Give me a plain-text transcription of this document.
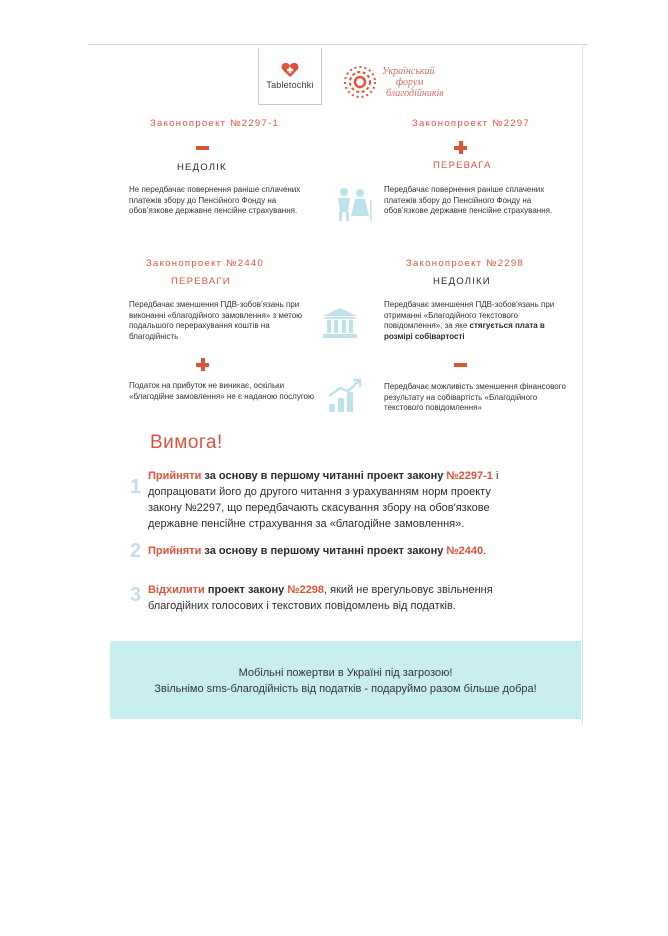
Tabletochki
Український
форум
благодійників
Законопроект №2297-1
НЕДОЛІК
Не передбачає повернення раніше сплачених платежів збору до Пенсійного Фонду на обов’язкове державне пенсійне страхування.
Законопроект №2297
ПЕРЕВАГА
Передбачає повернення раніше сплачених платежів збору до Пенсійного Фонду на обов’язкове державне пенсійне страхування.
Законопроект №2440
ПЕРЕВАГИ
Передбачає зменшення ПДВ-зобов’язань при виконанні «благодійного замовлення» з метою подальшого перерахування коштів на благодійність
Податок на прибуток не виникає, оскільки «благодійне замовлення» не є наданою послугою
Законопроект №2298
НЕДОЛІКИ
Передбачає зменшення ПДВ-зобов’язань при отриманні «Благодійного текстового повідомлення», за яке стягується плата в розмірі собівартості
Передбачає можливість зменшення фінансового результату на собівартість «Благодійного текстового повідомлення»
Вимога!
1 Прийняти за основу в першому читанні проект закону №2297-1 і допрацювати його до другого читання з урахуванням норм проекту закону №2297, що передбачають скасування збору на обов'язкове державне пенсійне страхування за «благодійне замовлення».
2 Прийняти за основу в першому читанні проект закону №2440.
3 Відхилити проект закону №2298, який не врегульовує звільнення благодійних голосових і текстових повідомлень від податків.
Мобільні пожертви в Україні під загрозою!
Звільнімо sms-благодійність від податків - подаруймо разом більше добра!
